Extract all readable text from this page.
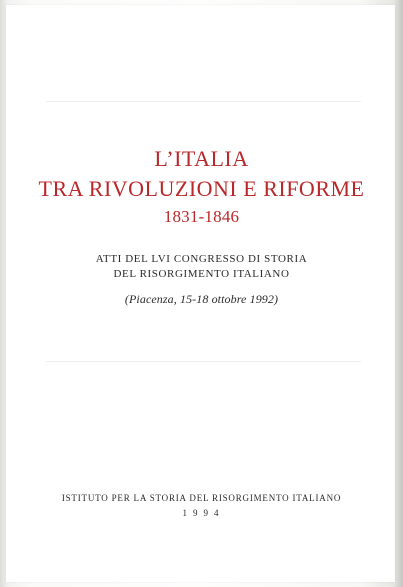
L’ITALIA
TRA RIVOLUZIONI E RIFORME
1831-1846
ATTI DEL LVI CONGRESSO DI STORIA
DEL RISORGIMENTO ITALIANO
(Piacenza, 15-18 ottobre 1992)
ISTITUTO PER LA STORIA DEL RISORGIMENTO ITALIANO
1994
